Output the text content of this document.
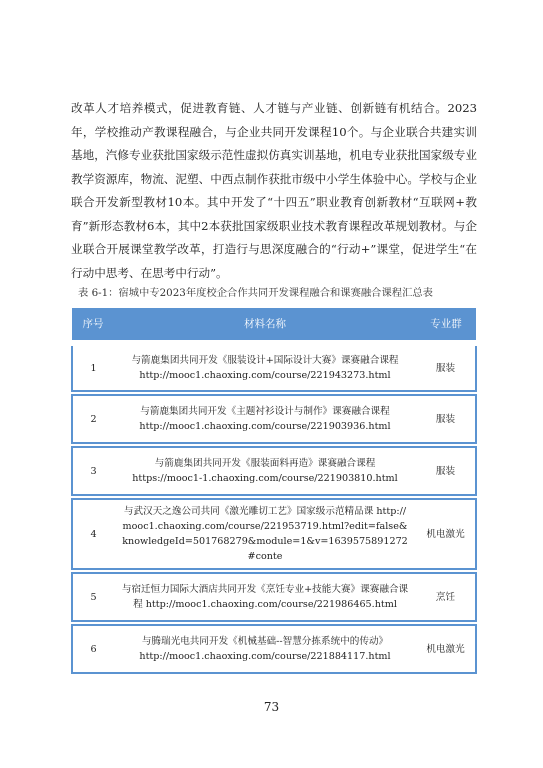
改革人才培养模式，促进教育链、人才链与产业链、创新链有机结合。2023年，学校推动产教课程融合，与企业共同开发课程10个。与企业联合共建实训基地，汽修专业获批国家级示范性虚拟仿真实训基地，机电专业获批国家级专业教学资源库，物流、泥塑、中西点制作获批市级中小学生体验中心。学校与企业联合开发新型教材10本。其中开发了“十四五”职业教育创新教材“互联网+教育”新形态教材6本，其中2本获批国家级职业技术教育课程改革规划教材。与企业联合开展课堂教学改革，打造行与思深度融合的“行动+”课堂，促进学生“在行动中思考、在思考中行动”。

表 6-1：宿城中专2023年度校企合作共同开发课程融合和课赛融合课程汇总表
序号	材料名称	专业群
1	与箭鹿集团共同开发《服装设计+国际设计大赛》课赛融合课程 http://mooc1.chaoxing.com/course/221943273.html	服装

2	与箭鹿集团共同开发《主题衬衫设计与制作》课赛融合课程 http://mooc1.chaoxing.com/course/221903936.html	服装

3	与箭鹿集团共同开发《服装面料再造》课赛融合课程 https://mooc1-1.chaoxing.com/course/221903810.html	服装

4	与武汉天之逸公司共同《激光雕切工艺》国家级示范精品课 http://mooc1.chaoxing.com/course/221953719.html?edit=false&knowledgeId=501768279&module=1&v=1639575891272#conte	机电激光

5	与宿迁恒力国际大酒店共同开发《烹饪专业+技能大赛》课赛融合课程 http://mooc1.chaoxing.com/course/221986465.html	烹饪

6	与腾瑞光电共同开发《机械基础--智慧分拣系统中的传动》 http://mooc1.chaoxing.com/course/221884117.html	机电激光
73
